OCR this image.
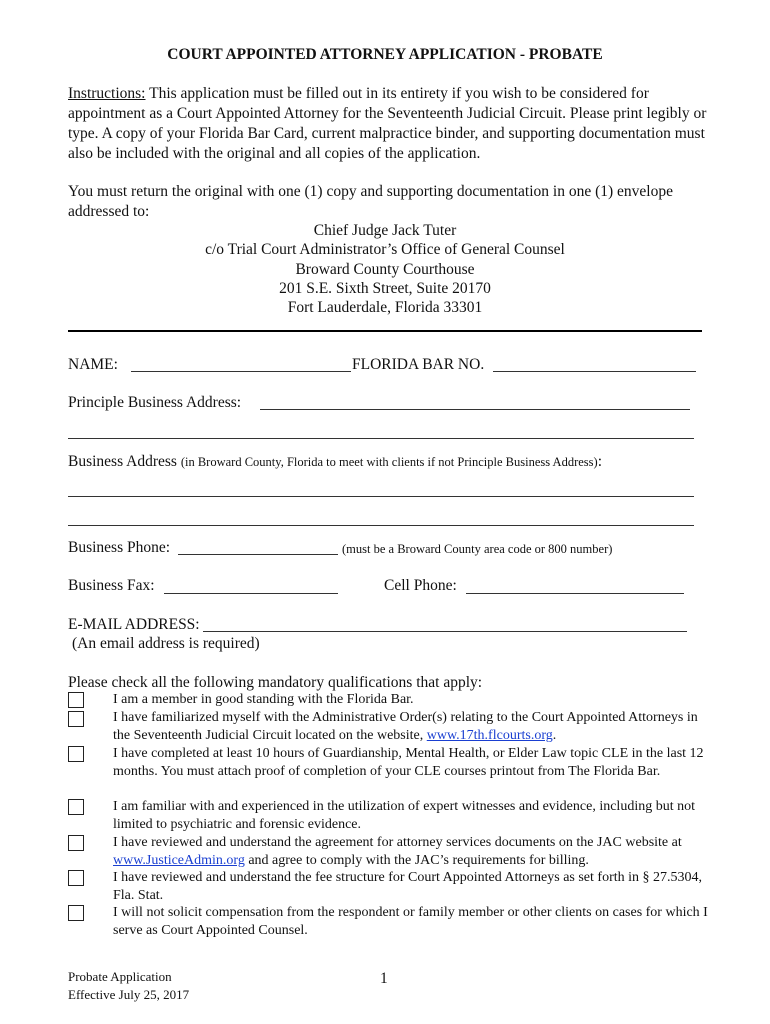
COURT APPOINTED ATTORNEY APPLICATION - PROBATE
Instructions: This application must be filled out in its entirety if you wish to be considered for appointment as a Court Appointed Attorney for the Seventeenth Judicial Circuit. Please print legibly or type. A copy of your Florida Bar Card, current malpractice binder, and supporting documentation must also be included with the original and all copies of the application.
You must return the original with one (1) copy and supporting documentation in one (1) envelope addressed to:
Chief Judge Jack Tuter
c/o Trial Court Administrator’s Office of General Counsel
Broward County Courthouse
201 S.E. Sixth Street, Suite 20170
Fort Lauderdale, Florida 33301
NAME:	FLORIDA BAR NO.
Principle Business Address:
Business Address (in Broward County, Florida to meet with clients if not Principle Business Address):
Business Phone:	(must be a Broward County area code or 800 number)
Business Fax:	Cell Phone:
E-MAIL ADDRESS:
(An email address is required)
Please check all the following mandatory qualifications that apply:
I am a member in good standing with the Florida Bar.
I have familiarized myself with the Administrative Order(s) relating to the Court Appointed Attorneys in the Seventeenth Judicial Circuit located on the website, www.17th.flcourts.org.
I have completed at least 10 hours of Guardianship, Mental Health, or Elder Law topic CLE in the last 12 months. You must attach proof of completion of your CLE courses printout from The Florida Bar.
I am familiar with and experienced in the utilization of expert witnesses and evidence, including but not limited to psychiatric and forensic evidence.
I have reviewed and understand the agreement for attorney services documents on the JAC website at www.JusticeAdmin.org and agree to comply with the JAC’s requirements for billing.
I have reviewed and understand the fee structure for Court Appointed Attorneys as set forth in § 27.5304, Fla. Stat.
I will not solicit compensation from the respondent or family member or other clients on cases for which I serve as Court Appointed Counsel.
Probate Application
Effective July 25, 2017
1
